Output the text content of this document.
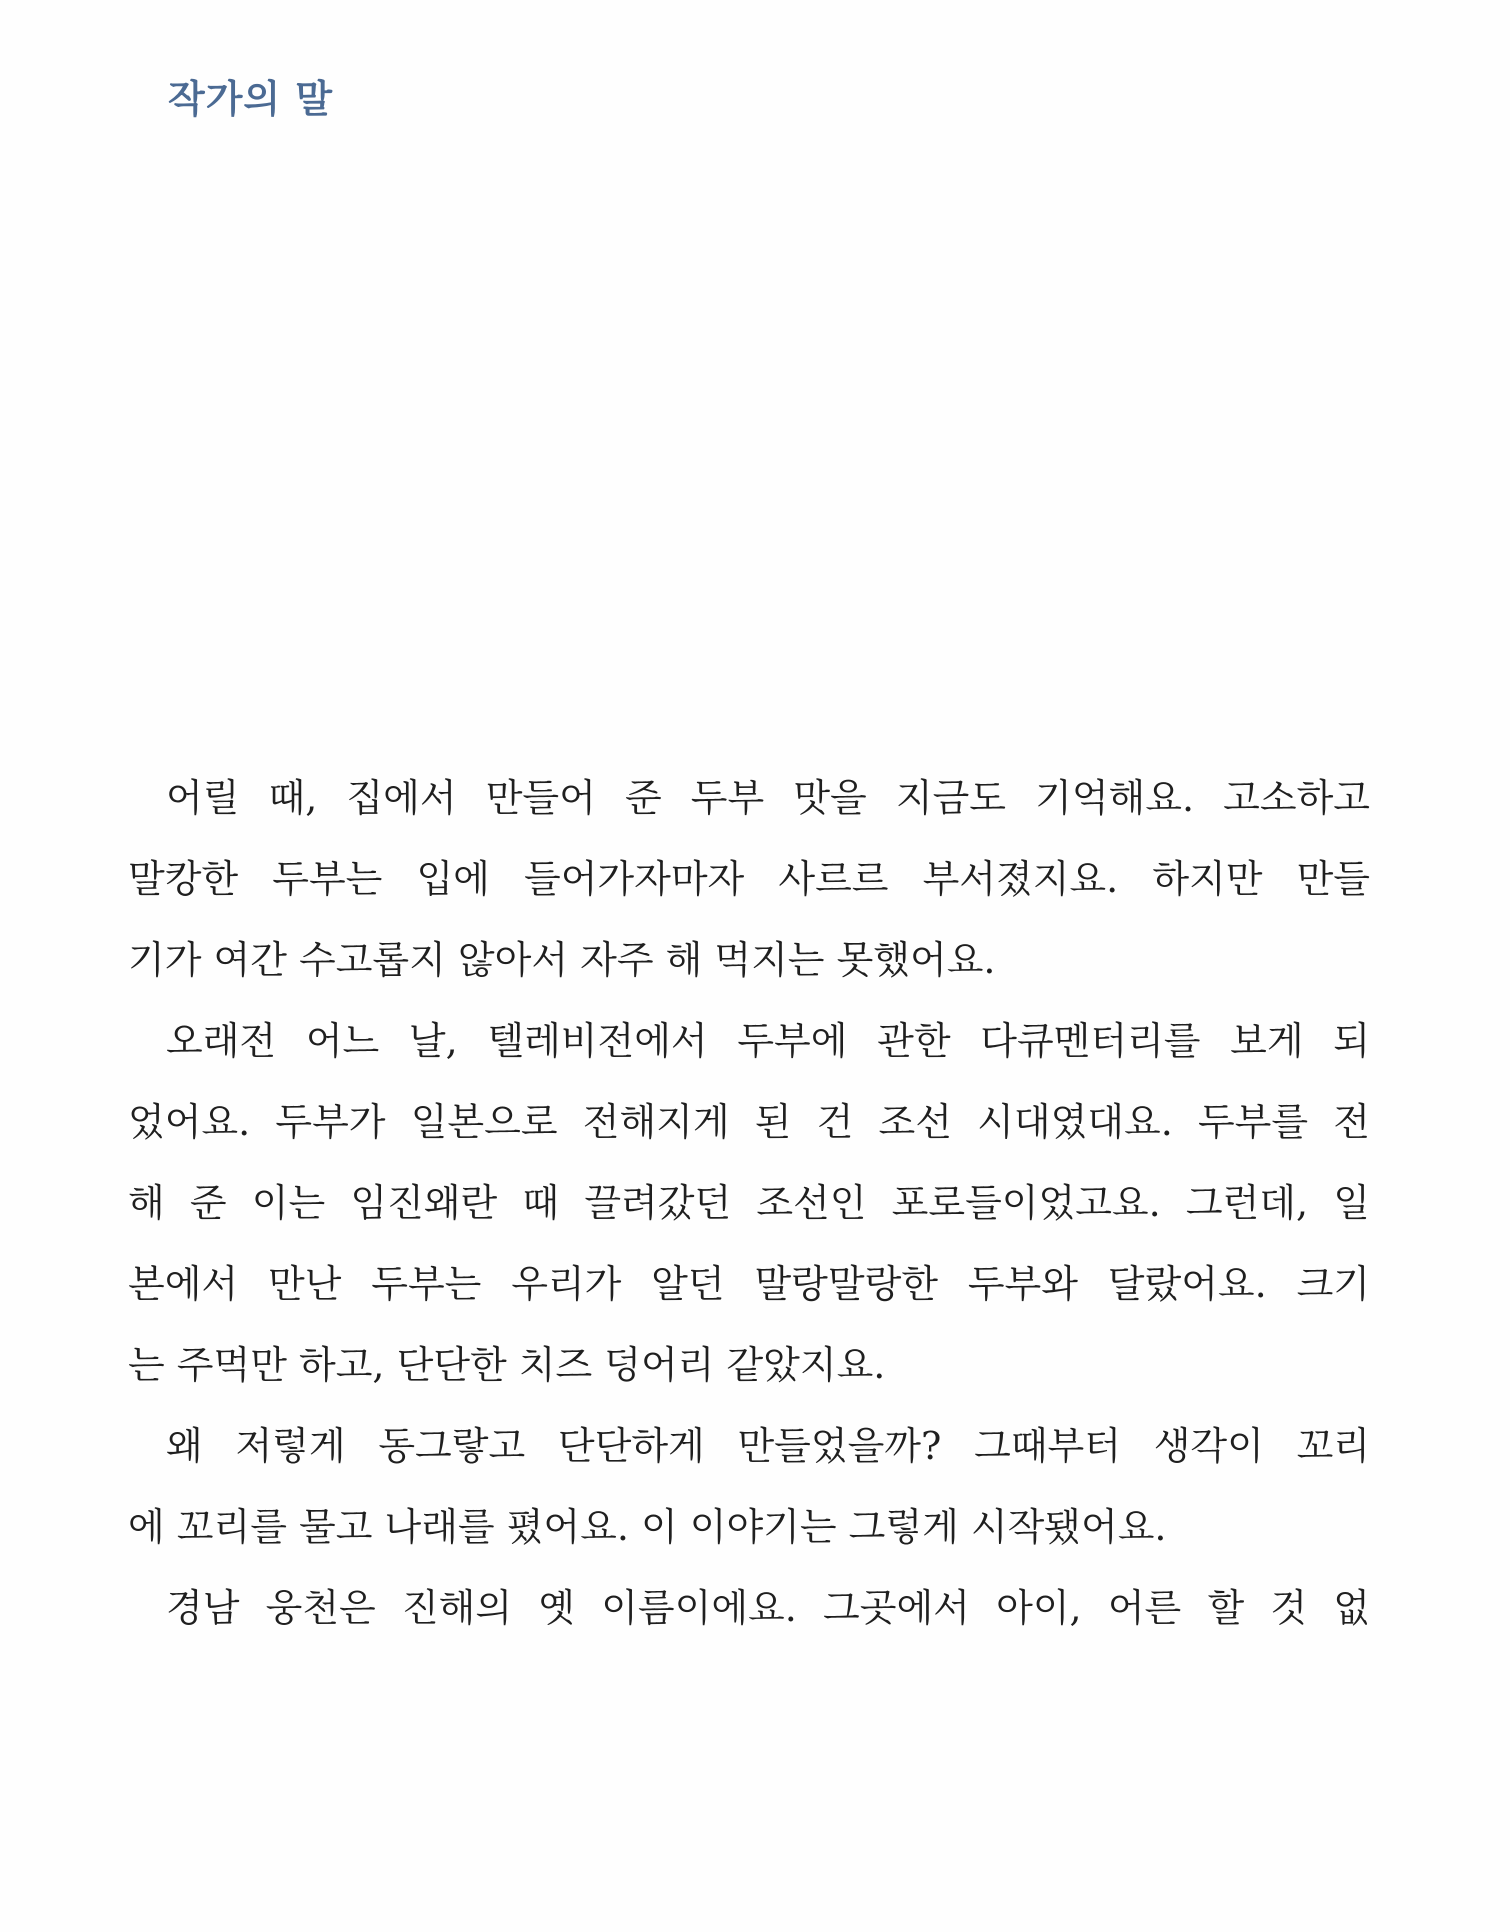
작가의 말
어릴 때, 집에서 만들어 준 두부 맛을 지금도 기억해요. 고소하고
말캉한 두부는 입에 들어가자마자 사르르 부서졌지요. 하지만 만들
기가 여간 수고롭지 않아서 자주 해 먹지는 못했어요.
오래전 어느 날, 텔레비전에서 두부에 관한 다큐멘터리를 보게 되
었어요. 두부가 일본으로 전해지게 된 건 조선 시대였대요. 두부를 전
해 준 이는 임진왜란 때 끌려갔던 조선인 포로들이었고요. 그런데, 일
본에서 만난 두부는 우리가 알던 말랑말랑한 두부와 달랐어요. 크기
는 주먹만 하고, 단단한 치즈 덩어리 같았지요.
왜 저렇게 동그랗고 단단하게 만들었을까? 그때부터 생각이 꼬리
에 꼬리를 물고 나래를 폈어요. 이 이야기는 그렇게 시작됐어요.
경남 웅천은 진해의 옛 이름이에요. 그곳에서 아이, 어른 할 것 없
